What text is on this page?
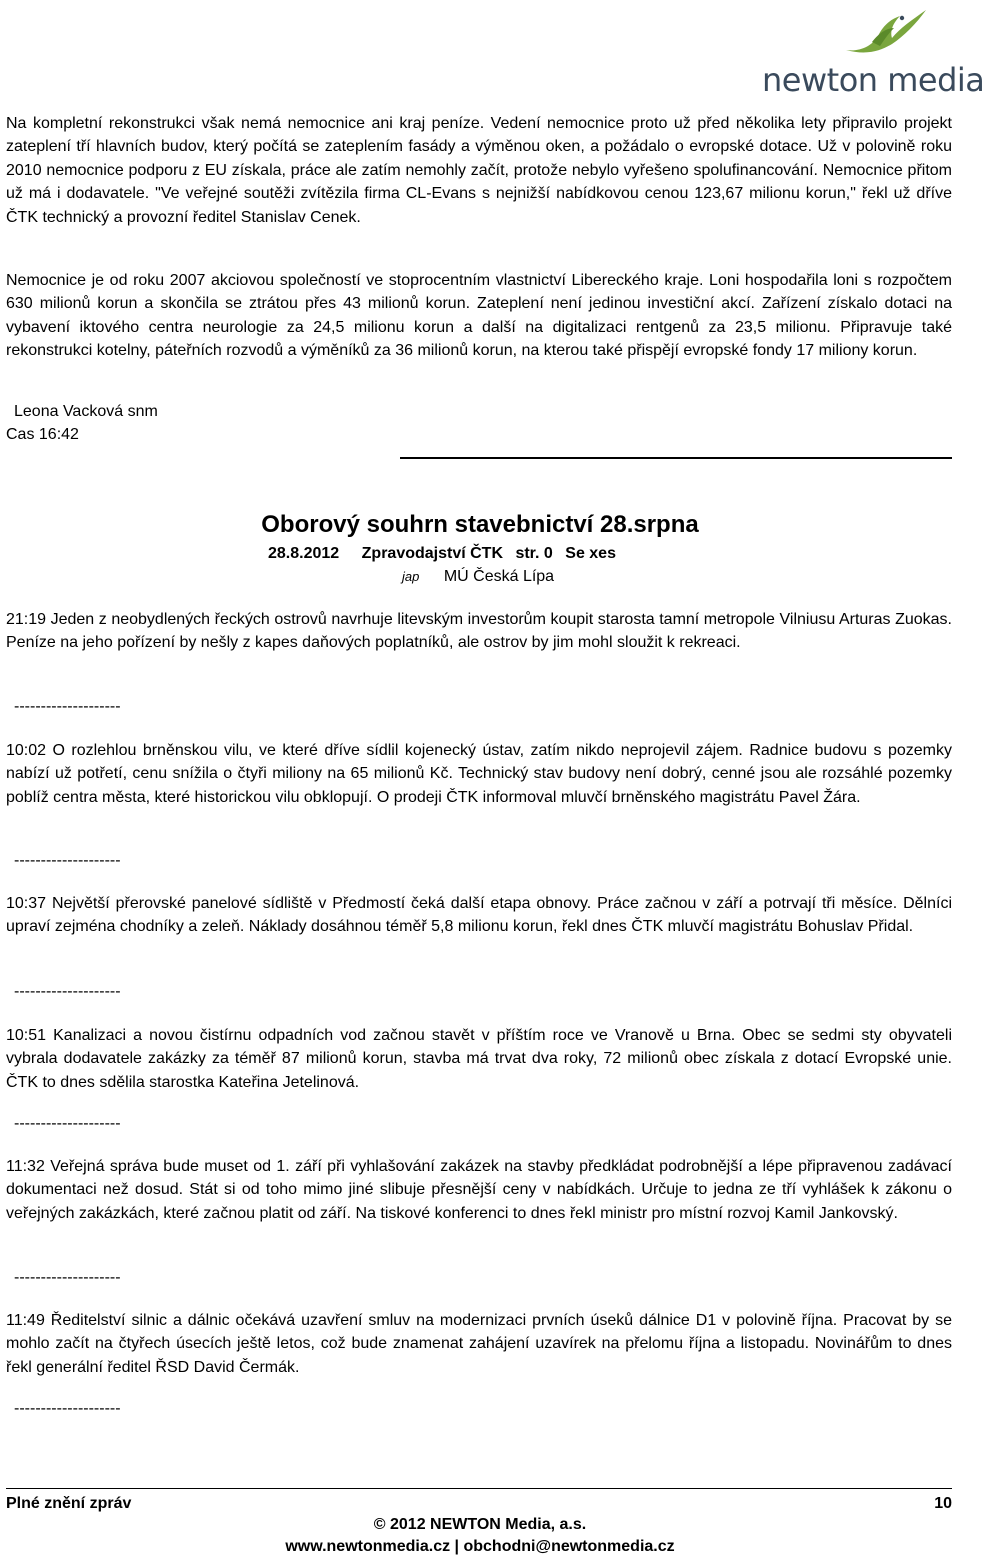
newton media

Na kompletní rekonstrukci však nemá nemocnice ani kraj peníze. Vedení nemocnice proto už před několika lety připravilo projekt zateplení tří hlavních budov, který počítá se zateplením fasády a výměnou oken, a požádalo o evropské dotace. Už v polovině roku 2010 nemocnice podporu z EU získala, práce ale zatím nemohly začít, protože nebylo vyřešeno spolufinancování. Nemocnice přitom už má i dodavatele. "Ve veřejné soutěži zvítězila firma CL-Evans s nejnižší nabídkovou cenou 123,67 milionu korun," řekl už dříve ČTK technický a provozní ředitel Stanislav Cenek.

Nemocnice je od roku 2007 akciovou společností ve stoprocentním vlastnictví Libereckého kraje. Loni hospodařila loni s rozpočtem 630 milionů korun a skončila se ztrátou přes 43 milionů korun. Zateplení není jedinou investiční akcí. Zařízení získalo dotaci na vybavení iktového centra neurologie za 24,5 milionu korun a další na digitalizaci rentgenů za 23,5 milionu. Připravuje také rekonstrukci kotelny, páteřních rozvodů a výměníků za 36 milionů korun, na kterou také přispějí evropské fondy 17 miliony korun.

Leona Vacková snm

Cas 16:42

Oborový souhrn stavebnictví 28.srpna
28.8.2012 Zpravodajství ČTK str. 0 Se xes
jap MÚ Česká Lípa

21:19 Jeden z neobydlených řeckých ostrovů navrhuje litevským investorům koupit starosta tamní metropole Vilniusu Arturas Zuokas. Peníze na jeho pořízení by nešly z kapes daňových poplatníků, ale ostrov by jim mohl sloužit k rekreaci.

--------------------

10:02 O rozlehlou brněnskou vilu, ve které dříve sídlil kojenecký ústav, zatím nikdo neprojevil zájem. Radnice budovu s pozemky nabízí už potřetí, cenu snížila o čtyři miliony na 65 milionů Kč. Technický stav budovy není dobrý, cenné jsou ale rozsáhlé pozemky poblíž centra města, které historickou vilu obklopují. O prodeji ČTK informoval mluvčí brněnského magistrátu Pavel Žára.

--------------------

10:37 Největší přerovské panelové sídliště v Předmostí čeká další etapa obnovy. Práce začnou v září a potrvají tři měsíce. Dělníci upraví zejména chodníky a zeleň. Náklady dosáhnou téměř 5,8 milionu korun, řekl dnes ČTK mluvčí magistrátu Bohuslav Přidal.

--------------------

10:51 Kanalizaci a novou čistírnu odpadních vod začnou stavět v příštím roce ve Vranově u Brna. Obec se sedmi sty obyvateli vybrala dodavatele zakázky za téměř 87 milionů korun, stavba má trvat dva roky, 72 milionů obec získala z dotací Evropské unie. ČTK to dnes sdělila starostka Kateřina Jetelinová.

--------------------

11:32 Veřejná správa bude muset od 1. září při vyhlašování zakázek na stavby předkládat podrobnější a lépe připravenou zadávací dokumentaci než dosud. Stát si od toho mimo jiné slibuje přesnější ceny v nabídkách. Určuje to jedna ze tří vyhlášek k zákonu o veřejných zakázkách, které začnou platit od září. Na tiskové konferenci to dnes řekl ministr pro místní rozvoj Kamil Jankovský.

--------------------

11:49 Ředitelství silnic a dálnic očekává uzavření smluv na modernizaci prvních úseků dálnice D1 v polovině října. Pracovat by se mohlo začít na čtyřech úsecích ještě letos, což bude znamenat zahájení uzavírek na přelomu října a listopadu. Novinářům to dnes řekl generální ředitel ŘSD David Čermák.

--------------------

Plné znění zpráv	10
© 2012 NEWTON Media, a.s.
www.newtonmedia.cz | obchodni@newtonmedia.cz
